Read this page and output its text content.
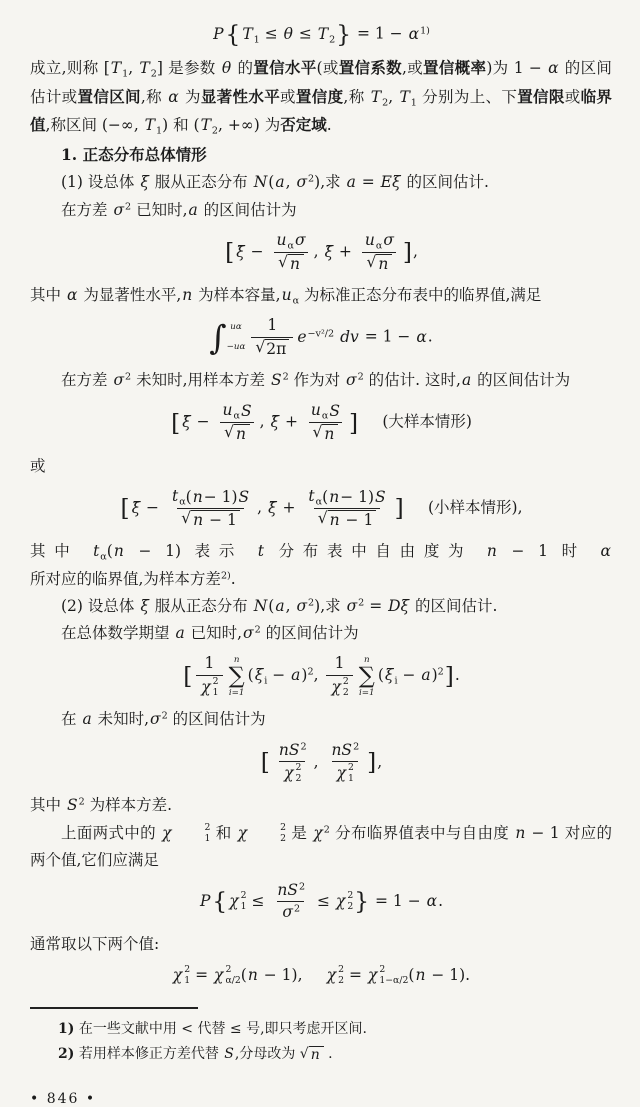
P{ $T_1 \le \theta \le T_2\} = 1 - \alpha^{1)}$
成立,则称 [$T_1$, $T_2$] 是参数 θ 的置信水平(或置信系数,或置信概率)为 1 − α 的区间估计或置信区间,称 α 为显著性水平或置信度,称 $T_2$, $T_1$ 分别为上、下置信限或临界值,称区间 (−∞, $T_1$) 和 ($T_2$, +∞) 为否定域.
1. 正态分布总体情形
(1) 设总体 ξ 服从正态分布 N(a, $\sigma^2$),求 a = Eξ 的区间估计.
在方差 $\sigma^2$ 已知时,a 的区间估计为
[ ξ̄ − $\frac{u_\alpha \sigma}{√ n}$ , ξ̄ + $\frac{u_\alpha \sigma}{√ n}$ ],
其中 α 为显著性水平,n 为样本容量$,u_\alpha$ 为标准正态分布表中的临界值,满足
∫ uα
$-u\alpha \frac{1}{√ 2\pi} e^{-v^2/2}$ dv = 1 − α.
在方差 $\sigma^2$ 未知时,用样本方差 $S^2$ 作为对 $\sigma^2$ 的估计. 这时,a 的区间估计为
[ ξ̄ − $\frac{u_\alpha S}{√ n}$ , ξ̄ + $\frac{u_\alpha S}{√ n}$ ] (大样本情形)
或
[ ξ̄ − $\frac{t_\alpha ( n - 1) S}{√ n - 1}$ , ξ̄ + $\frac{t_\alpha ( n - 1) S}{√ n - 1}$ ] (小样本情形),
其中 $t_\alpha(n - 1)$ 表示 t 分布表中自由度为 n − 1 时 α 所对应的临界值,为样本方差$^{2)}$.
(2) 设总体 ξ 服从正态分布 N(a, $\sigma^2$),求 $\sigma^2 = D\xi$ 的区间估计.
在总体数学期望 a 已知时$,\sigma^2$ 的区间估计为
[ 1
χ 2
1 n
∑
i=1
$(\xi_i - a)^2$, 1
χ 2
2 n
∑
i=1
$(\xi_i - a)^2$].
在 a 未知时$,\sigma^2$ 的区间估计为
[ $nS^2$
χ 2
2 , $nS^2$
χ 2
1 ],
其中 $S^2$ 为样本方差.
上面两式中的 χ	2
1 和 χ	2
2 是 $\chi^2$ 分布临界值表中与自由度 n − 1 对应的两个值,它们应满足
P{ χ 2
$1 \le \frac{nS^2}{\sigma^2} \le \chi$ 2
2 } = 1 − α.
通常取以下两个值:
χ 2
1 = χ 2
α/2 (n − 1), χ 2
2 = χ 2
1−α/2 (n − 1).
1) 在一些文献中用 < 代替 ≤ 号,即只考虑开区间.
2) 若用样本修正方差代替 S,分母改为 √ n .
• 846 •
